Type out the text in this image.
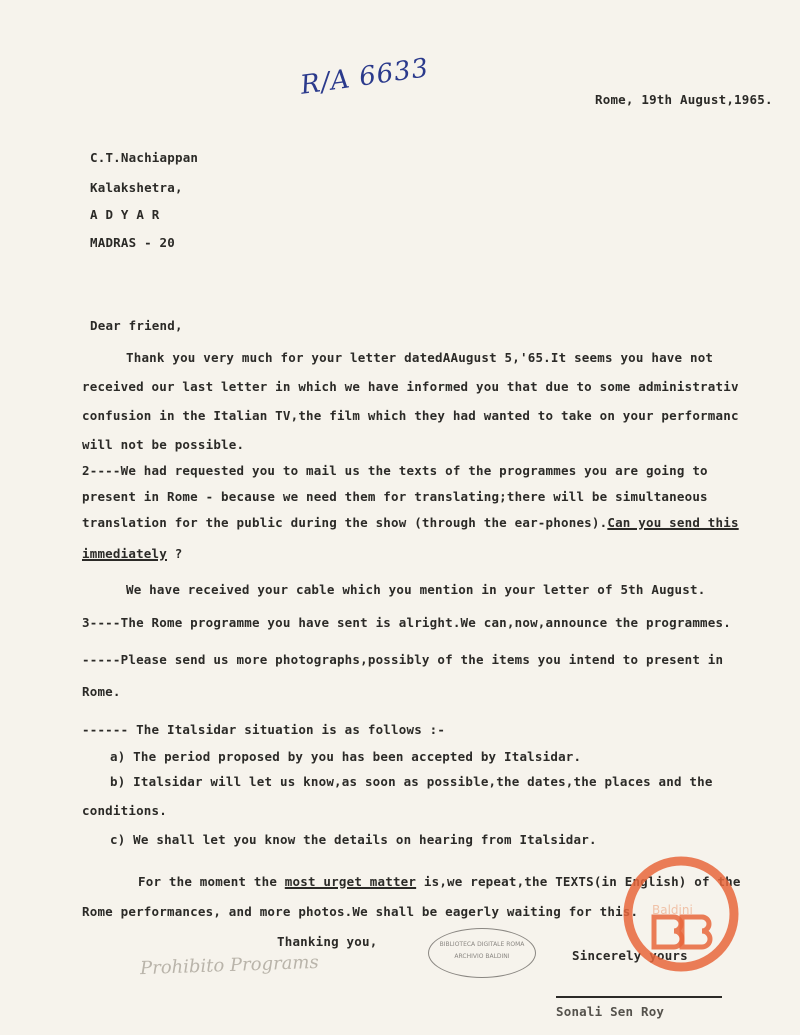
R/A 6633	Rome, 19th August,1965.
C.T.Nachiappan
Kalakshetra,
A D Y A R
MADRAS - 20
Dear friend,
Thank you very much for your letter datedAAugust 5,'65.It seems you have not
received our last letter in which we have informed you that due to some administrativ
confusion in the Italian TV,the film which they had wanted to take on your performanc
will not be possible.
2----We had requested you to mail us the texts of the programmes you are going to
present in Rome - because we need them for translating;there will be simultaneous
translation for the public during the show (through the ear-phones).Can you send this
immediately ?
We have received your cable which you mention in your letter of 5th August.
3----The Rome programme you have sent is alright.We can,now,announce the programmes.
-----Please send us more photographs,possibly of the items you intend to present in
Rome.
------ The Italsidar situation is as follows :-
a) The period proposed by you has been accepted by Italsidar.
b) Italsidar will let us know,as soon as possible,the dates,the places and the
conditions.
c) We shall let you know the details on hearing from Italsidar.
For the moment the most urget matter is,we repeat,the TEXTS(in English) of the
Rome performances, and more photos.We shall be eagerly waiting for this.
Thanking you,
Sincerely yours
Prohibito Programs
BIBLIOTECA DIGITALE ROMA ARCHIVIO BALDINI
Sonali Sen Roy
Baldini
